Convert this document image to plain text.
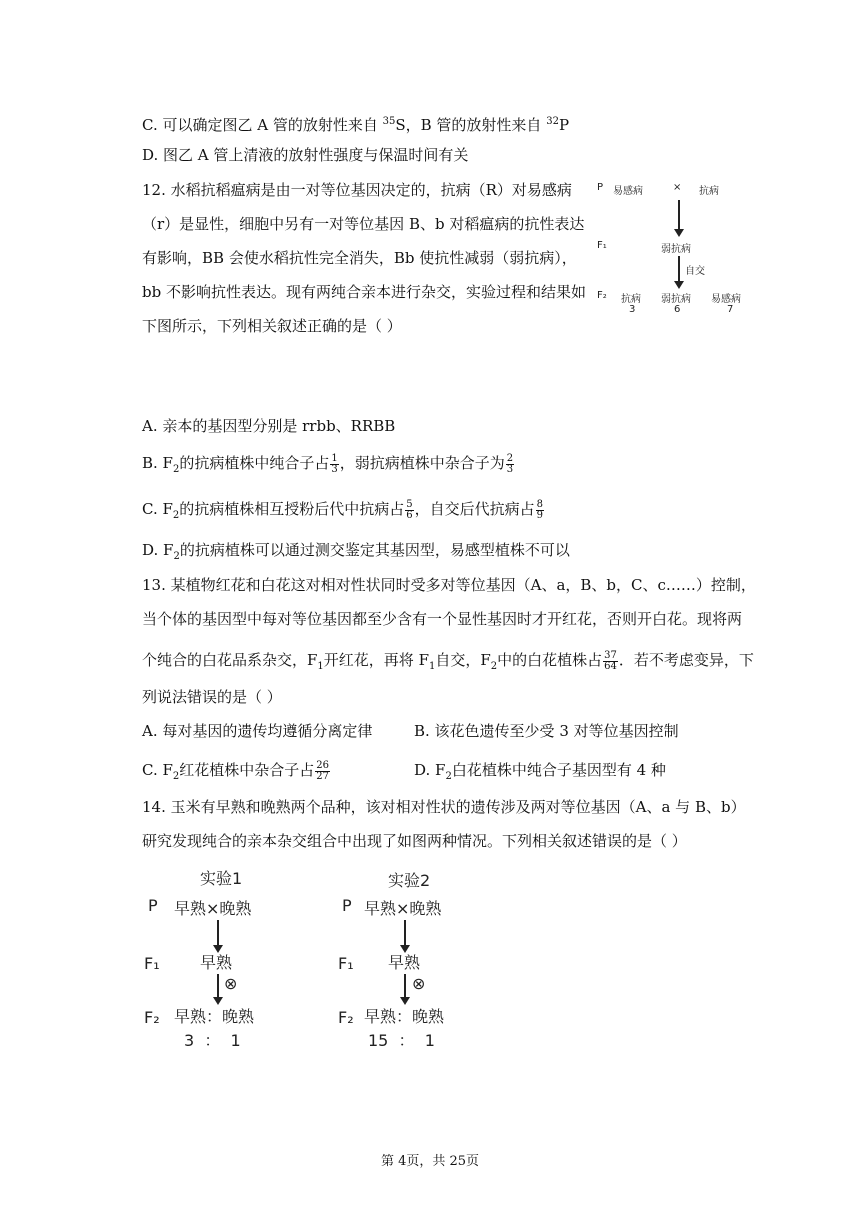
C. 可以确定图乙 A 管的放射性来自 $^{35}$S，B 管的放射性来自 $^{32}$P
D. 图乙 A 管上清液的放射性强度与保温时间有关
12. 水稻抗稻瘟病是由一对等位基因决定的，抗病（R）对易感病
（r）是显性，细胞中另有一对等位基因 B、b 对稻瘟病的抗性表达
有影响，BB 会使水稻抗性完全消失，Bb 使抗性减弱（弱抗病），
bb 不影响抗性表达。现有两纯合亲本进行杂交，实验过程和结果如
下图所示，下列相关叙述正确的是（ ）
P 易感病	× 抗病
F₁	弱抗病
自交
F₂ 抗病 弱抗病 易感病
3	6	7
A. 亲本的基因型分别是 rrbb、RRBB
B. $F_2$的抗病植株中纯合子占 $\frac{1}{3}$ ，弱抗病植株中杂合子为 $\frac{2}{3}$
C. $F_2$的抗病植株相互授粉后代中抗病占 $\frac{5}{6}$ ，自交后代抗病占 $\frac{8}{9}$
D. $F_2$的抗病植株可以通过测交鉴定其基因型，易感型植株不可以
13. 某植物红花和白花这对相对性状同时受多对等位基因（A、a，B、b，C、c……）控制，
当个体的基因型中每对等位基因都至少含有一个显性基因时才开红花，否则开白花。现将两
个纯合的白花品系杂交，$F_1$开红花，再将 $F_1$自交，$F_2$中的白花植株占 $\frac{37}{64}$ ．若不考虑变异，下
列说法错误的是（ ）
A. 每对基因的遗传均遵循分离定律	B. 该花色遗传至少受 3 对等位基因控制
C. $F_2$红花植株中杂合子占 $\frac{26}{27}$	D. $F_2$白花植株中纯合子基因型有 4 种
14. 玉米有早熟和晚熟两个品种，该对相对性状的遗传涉及两对等位基因（A、a 与 B、b）
研究发现纯合的亲本杂交组合中出现了如图两种情况。下列相关叙述错误的是（ ）
实验1
P 早熟×晚熟
F₁	早熟
⊗
F₂ 早熟：晚熟
3  ：  1
实验2
P 早熟×晚熟
F₁ 早熟
⊗
F₂ 早熟：晚熟
15  ：  1
第 4页，共 25页
